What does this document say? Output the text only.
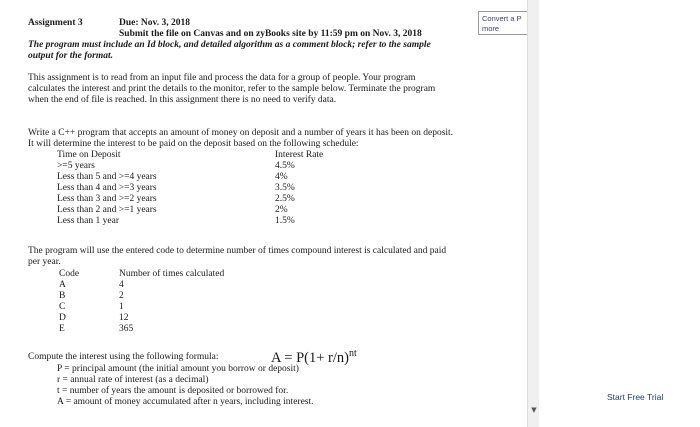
Assignment 3	Due: Nov. 3, 2018
Submit the file on Canvas and on zyBooks site by 11:59 pm on Nov. 3, 2018
The program must include an Id block, and detailed algorithm as a comment block; refer to the sample
output for the format.
This assignment is to read from an input file and process the data for a group of people. Your program
calculates the interest and print the details to the monitor, refer to the sample below. Terminate the program
when the end of file is reached. In this assignment there is no need to verify data.
Write a C++ program that accepts an amount of money on deposit and a number of years it has been on deposit.
It will determine the interest to be paid on the deposit based on the following schedule:
Time on Deposit	Interest Rate
>=5 years	4.5%
Less than 5 and >=4 years	4%
Less than 4 and >=3 years	3.5%
Less than 3 and >=2 years	2.5%
Less than 2 and >=1 years	2%
Less than 1 year	1.5%
The program will use the entered code to determine number of times compound interest is calculated and paid
per year.
Code	Number of times calculated
A	4
B	2
C	1
D	12
E	365
Compute the interest using the following formula:	$A = P(1+ r/n)^{nt}$
P = principal amount (the initial amount you borrow or deposit)
r = annual rate of interest (as a decimal)
t = number of years the amount is deposited or borrowed for.
A = amount of money accumulated after n years, including interest.
Convert a P
more
▼
Start Free Trial
